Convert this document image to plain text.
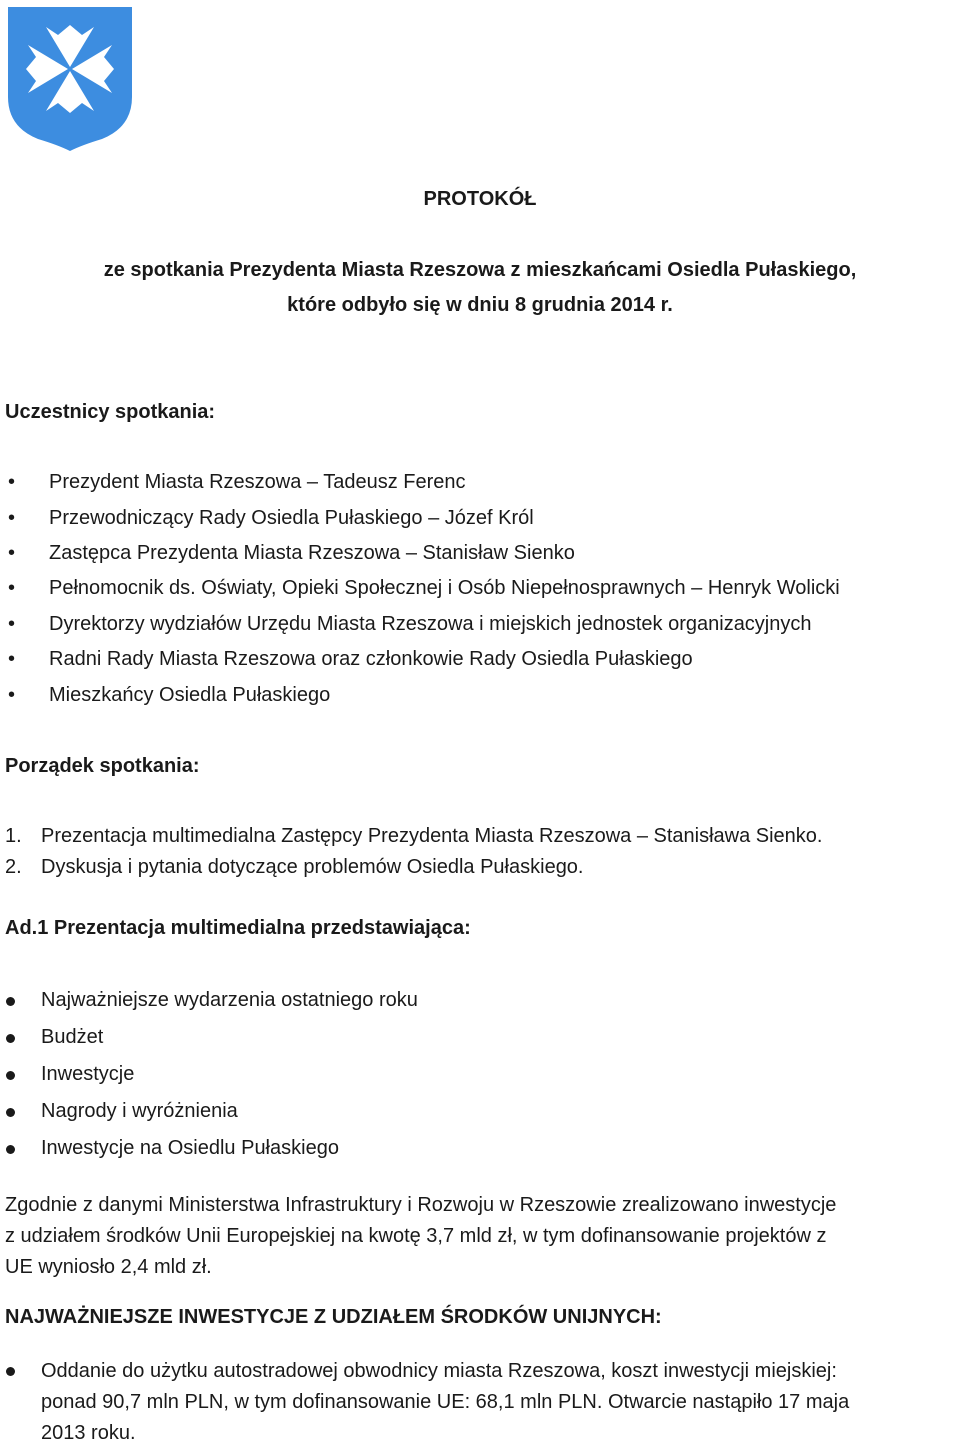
PROTOKÓŁ
ze spotkania Prezydenta Miasta Rzeszowa z mieszkańcami Osiedla Pułaskiego,
które odbyło się w dniu 8 grudnia 2014 r.
Uczestnicy spotkania:
• Prezydent Miasta Rzeszowa – Tadeusz Ferenc
• Przewodniczący Rady Osiedla Pułaskiego – Józef Król
• Zastępca Prezydenta Miasta Rzeszowa – Stanisław Sienko
• Pełnomocnik ds. Oświaty, Opieki Społecznej i Osób Niepełnosprawnych – Henryk Wolicki
• Dyrektorzy wydziałów Urzędu Miasta Rzeszowa i miejskich jednostek organizacyjnych
• Radni Rady Miasta Rzeszowa oraz członkowie Rady Osiedla Pułaskiego
• Mieszkańcy Osiedla Pułaskiego
Porządek spotkania:
1. Prezentacja multimedialna Zastępcy Prezydenta Miasta Rzeszowa – Stanisława Sienko.
2. Dyskusja i pytania dotyczące problemów Osiedla Pułaskiego.
Ad.1 Prezentacja multimedialna przedstawiająca:
Najważniejsze wydarzenia ostatniego roku
Budżet
Inwestycje
Nagrody i wyróżnienia
Inwestycje na Osiedlu Pułaskiego
Zgodnie z danymi Ministerstwa Infrastruktury i Rozwoju w Rzeszowie zrealizowano inwestycje
z udziałem środków Unii Europejskiej na kwotę 3,7 mld zł, w tym dofinansowanie projektów z
UE wyniosło 2,4 mld zł.
NAJWAŻNIEJSZE INWESTYCJE Z UDZIAŁEM ŚRODKÓW UNIJNYCH:
Oddanie do użytku autostradowej obwodnicy miasta Rzeszowa, koszt inwestycji miejskiej:
ponad 90,7 mln PLN, w tym dofinansowanie UE: 68,1 mln PLN. Otwarcie nastąpiło 17 maja
2013 roku.
